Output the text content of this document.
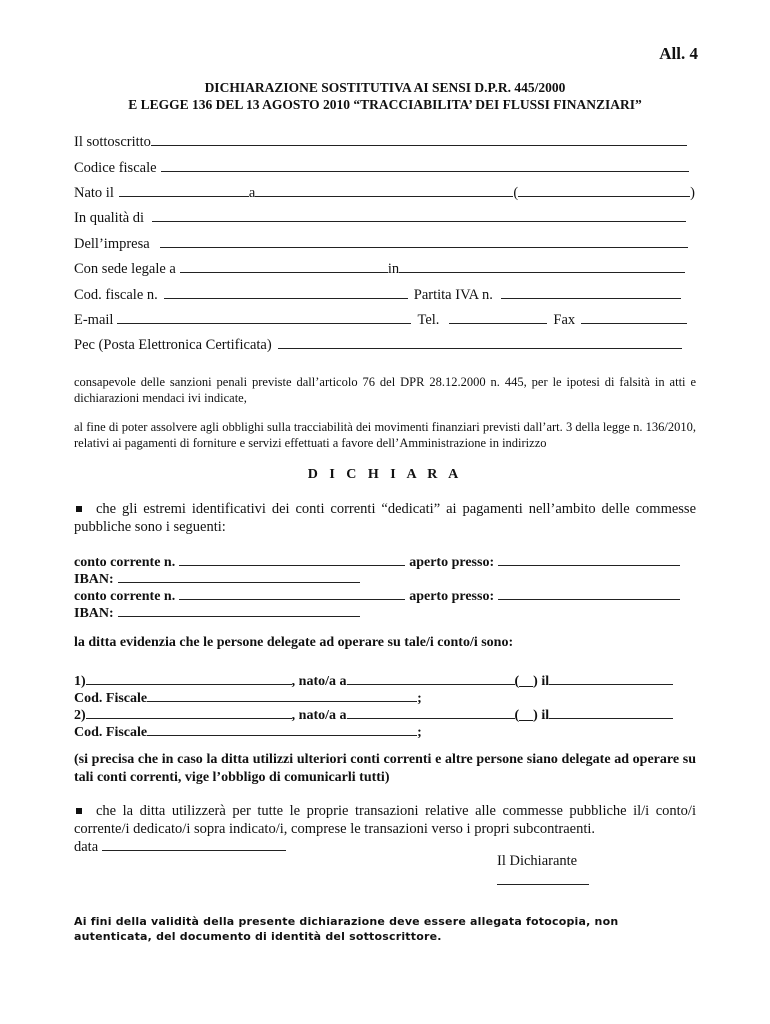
All. 4
DICHIARAZIONE SOSTITUTIVA AI SENSI D.P.R. 445/2000
E LEGGE 136 DEL 13 AGOSTO 2010 “TRACCIABILITA’ DEI FLUSSI FINANZIARI”
Il sottoscritto
Codice fiscale
Nato il	a	(	)
In qualità di
Dell’impresa
Con sede legale a	in
Cod. fiscale n.	Partita IVA n.
E-mail	Tel.	Fax
Pec (Posta Elettronica Certificata)
consapevole delle sanzioni penali previste dall’articolo 76 del DPR 28.12.2000 n. 445, per le ipotesi di falsità in atti e dichiarazioni mendaci ivi indicate,
al fine di poter assolvere agli obblighi sulla tracciabilità dei movimenti finanziari previsti dall’art. 3 della legge n. 136/2010, relativi ai pagamenti di forniture e servizi effettuati a favore dell’Amministrazione in indirizzo
D I C H I A R A
che gli estremi identificativi dei conti correnti “dedicati” ai pagamenti nell’ambito delle commesse pubbliche sono i seguenti:
conto corrente n.	aperto presso:
IBAN:
conto corrente n.	aperto presso:
IBAN:
la ditta evidenzia che le persone delegate ad operare su tale/i conto/i sono:
1)	, nato/a a	(__) il
Cod. Fiscale	;
2)	, nato/a a	(__) il
Cod. Fiscale	;
(si precisa che in caso la ditta utilizzi ulteriori conti correnti e altre persone siano delegate ad operare su tali conti correnti, vige l’obbligo di comunicarli tutti)
che la ditta utilizzerà per tutte le proprie transazioni relative alle commesse pubbliche il/i conto/i corrente/i dedicato/i sopra indicato/i, comprese le transazioni verso i propri subcontraenti.
data
Il Dichiarante
Ai fini della validità della presente dichiarazione deve essere allegata fotocopia, non autenticata, del documento di identità del sottoscrittore.
